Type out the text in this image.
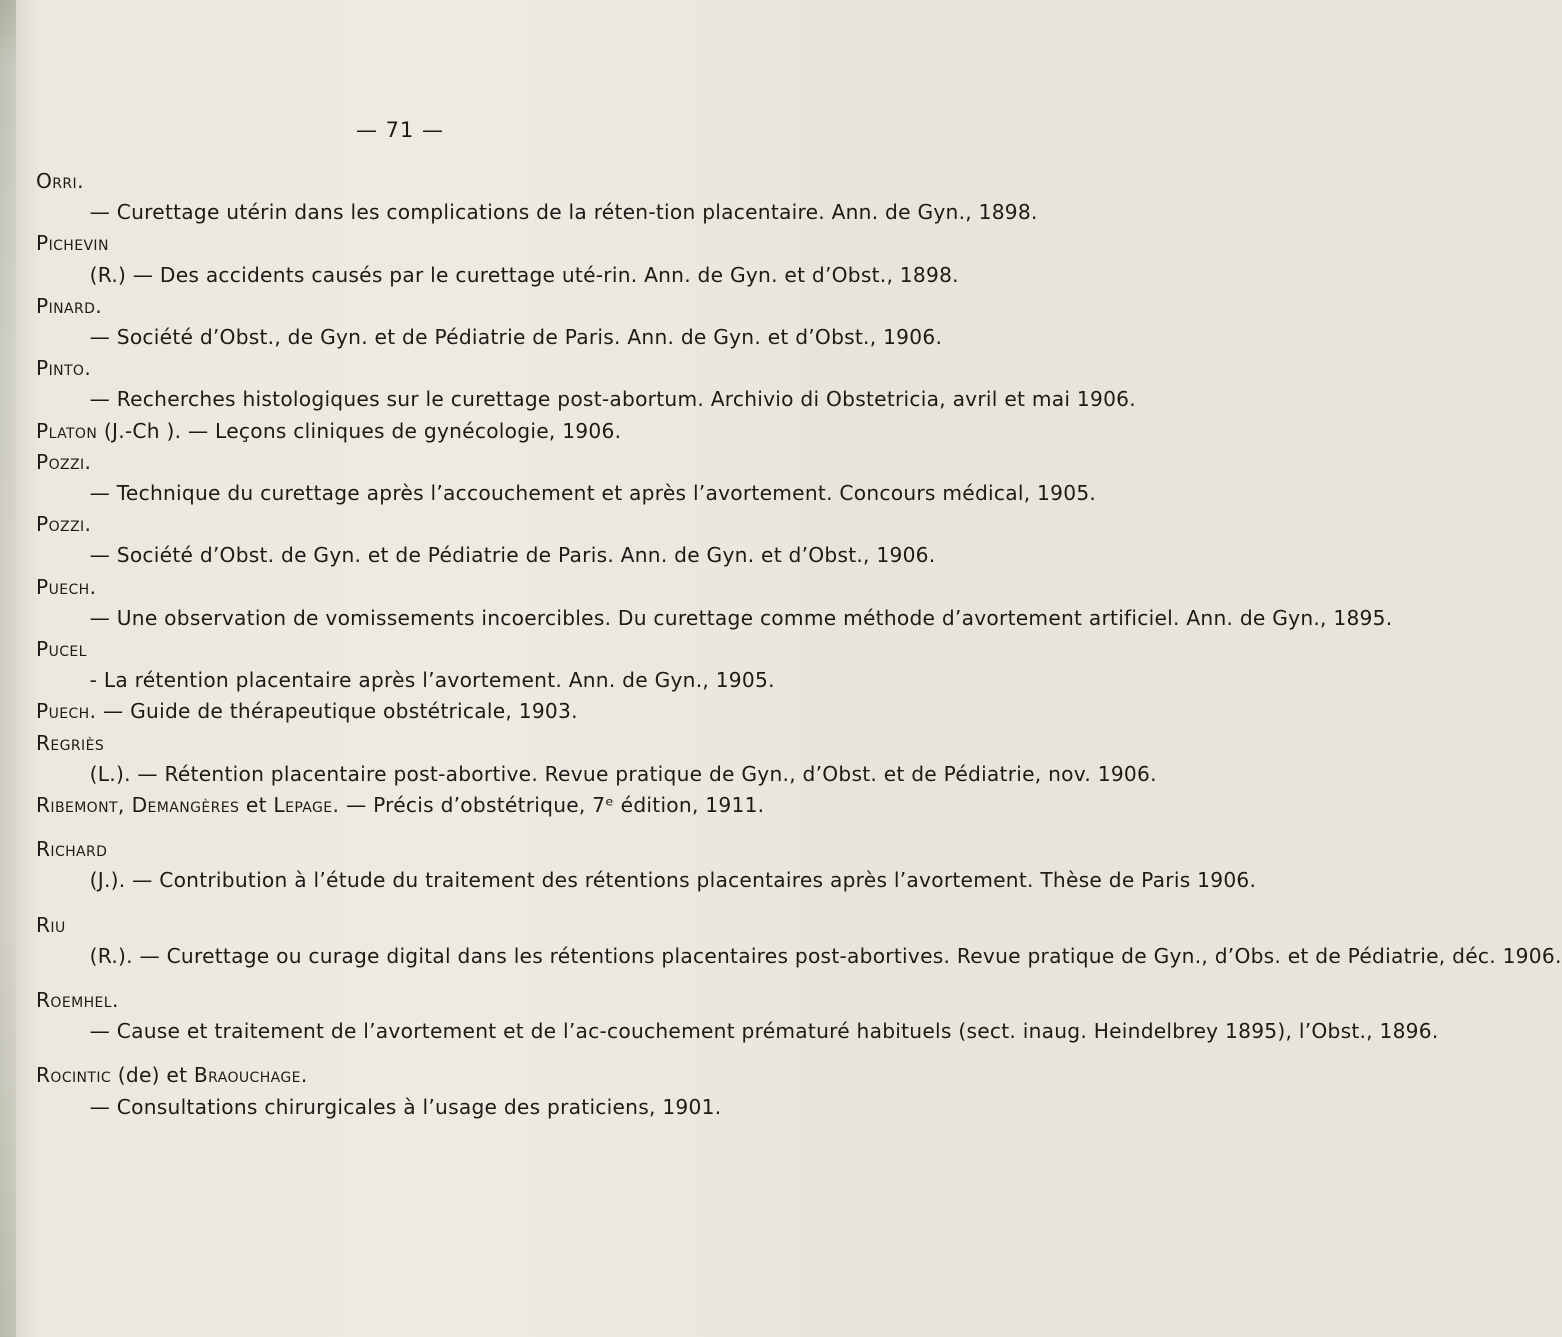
— 71 —

Orri. — Curettage utérin dans les complications de la réten-tion placentaire. Ann. de Gyn., 1898.

Pichevin (R.) — Des accidents causés par le curettage uté-rin. Ann. de Gyn. et d’Obst., 1898.

Pinard. — Société d’Obst., de Gyn. et de Pédiatrie de Paris. Ann. de Gyn. et d’Obst., 1906.

Pinto. — Recherches histologiques sur le curettage post-abortum. Archivio di Obstetricia, avril et mai 1906.

Platon (J.-Ch ). — Leçons cliniques de gynécologie, 1906.

Pozzi. — Technique du curettage après l’accouchement et après l’avortement. Concours médical, 1905.

Pozzi. — Société d’Obst. de Gyn. et de Pédiatrie de Paris. Ann. de Gyn. et d’Obst., 1906.

Puech. — Une observation de vomissements incoercibles. Du curettage comme méthode d’avortement artificiel. Ann. de Gyn., 1895.

Pucel - La rétention placentaire après l’avortement. Ann. de Gyn., 1905.

Puech. — Guide de thérapeutique obstétricale, 1903.

Regriès (L.). — Rétention placentaire post-abortive. Revue pratique de Gyn., d’Obst. et de Pédiatrie, nov. 1906.

Ribemont, Demangères et Lepage. — Précis d’obstétrique, 7ᵉ édition, 1911.

Richard (J.). — Contribution à l’étude du traitement des rétentions placentaires après l’avortement. Thèse de Paris 1906.

Riu (R.). — Curettage ou curage digital dans les rétentions placentaires post-abortives. Revue pratique de Gyn., d’Obs. et de Pédiatrie, déc. 1906.

Roemhel. — Cause et traitement de l’avortement et de l’ac-couchement prématuré habituels (sect. inaug. Heindelbrey 1895), l’Obst., 1896.

Rocintic (de) et Braouchage. — Consultations chirurgicales à l’usage des praticiens, 1901.
